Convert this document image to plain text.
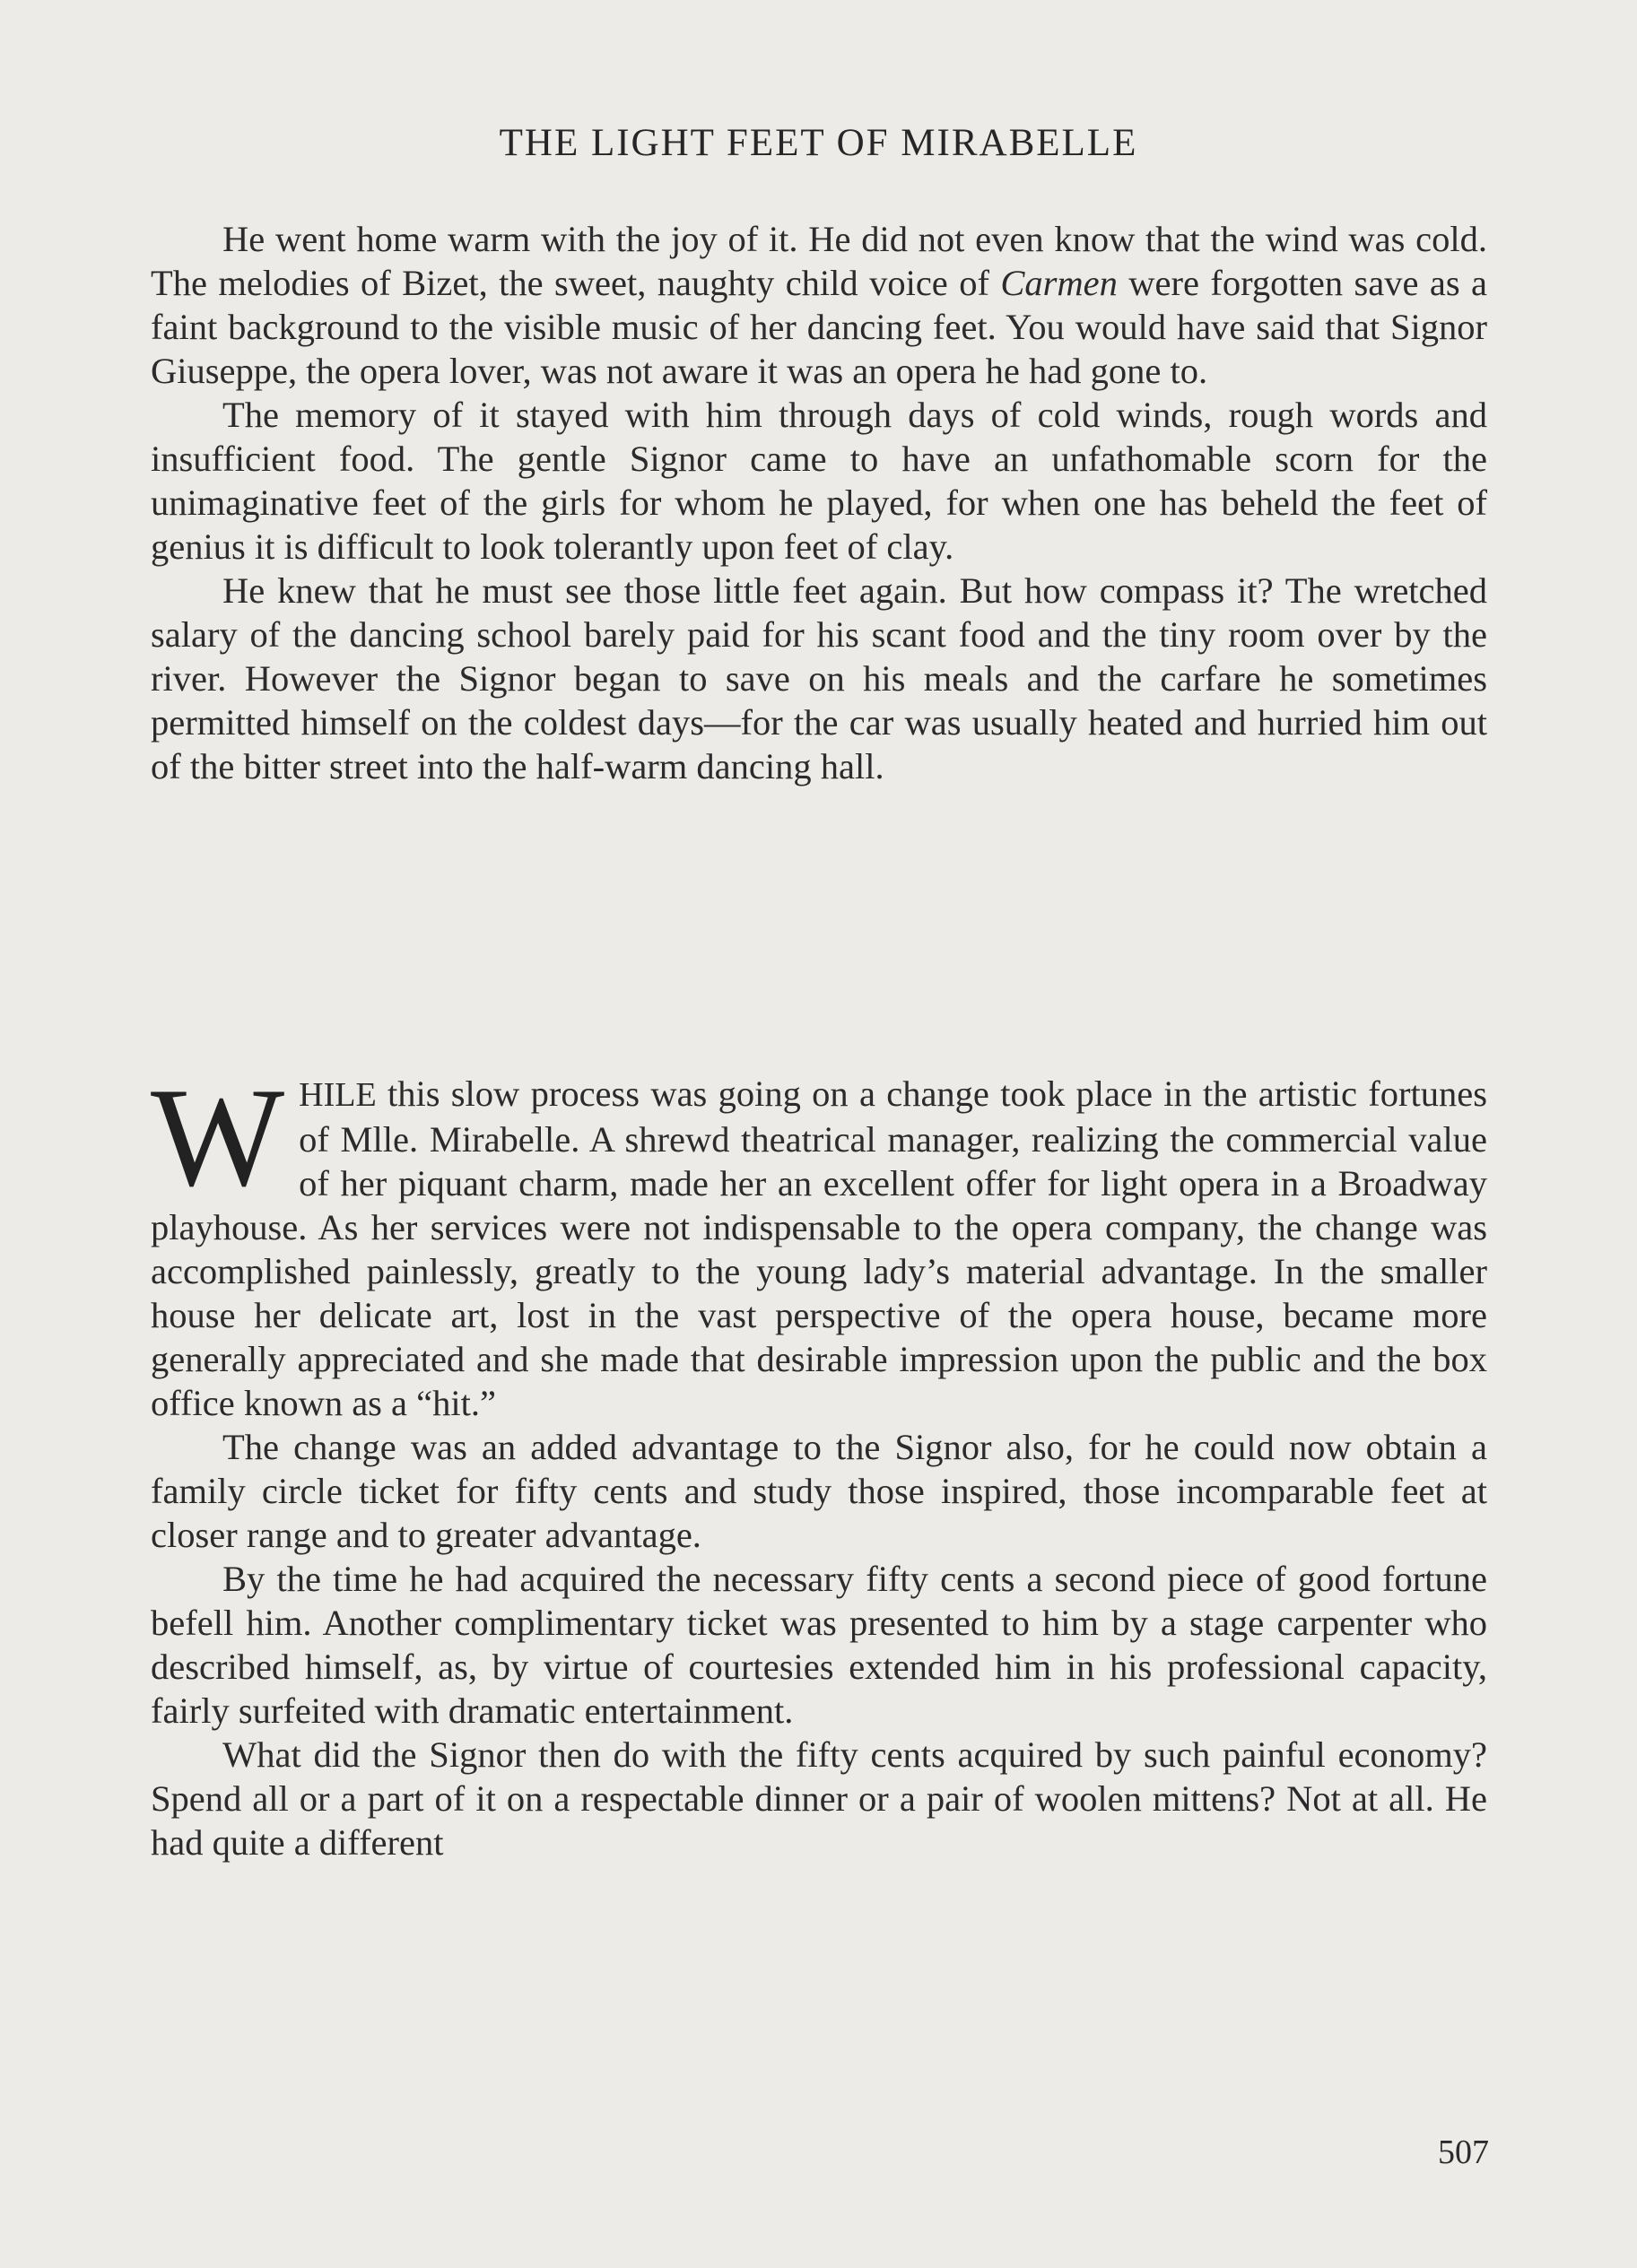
THE LIGHT FEET OF MIRABELLE

He went home warm with the joy of it. He did not even know that the wind was cold. The melodies of Bizet, the sweet, naughty child voice of Carmen were forgotten save as a faint background to the visible music of her dancing feet. You would have said that Signor Giuseppe, the opera lover, was not aware it was an opera he had gone to.

The memory of it stayed with him through days of cold winds, rough words and insufficient food. The gentle Signor came to have an unfathomable scorn for the unimaginative feet of the girls for whom he played, for when one has beheld the feet of genius it is difficult to look tolerantly upon feet of clay.

He knew that he must see those little feet again. But how compass it? The wretched salary of the dancing school barely paid for his scant food and the tiny room over by the river. However the Signor began to save on his meals and the carfare he sometimes permitted himself on the coldest days—for the car was usually heated and hurried him out of the bitter street into the half-warm dancing hall.

WHILE this slow process was going on a change took place in the artistic fortunes of Mlle. Mirabelle. A shrewd theatrical manager, realizing the commercial value of her piquant charm, made her an excellent offer for light opera in a Broadway playhouse. As her services were not indispensable to the opera company, the change was accomplished painlessly, greatly to the young lady’s material advantage. In the smaller house her delicate art, lost in the vast perspective of the opera house, became more generally appreciated and she made that desirable impression upon the public and the box office known as a “hit.”

The change was an added advantage to the Signor also, for he could now obtain a family circle ticket for fifty cents and study those inspired, those incomparable feet at closer range and to greater advantage.

By the time he had acquired the necessary fifty cents a second piece of good fortune befell him. Another complimentary ticket was presented to him by a stage carpenter who described himself, as, by virtue of courtesies extended him in his professional capacity, fairly surfeited with dramatic entertainment.

What did the Signor then do with the fifty cents acquired by such painful economy? Spend all or a part of it on a respectable dinner or a pair of woolen mittens? Not at all. He had quite a different

507
